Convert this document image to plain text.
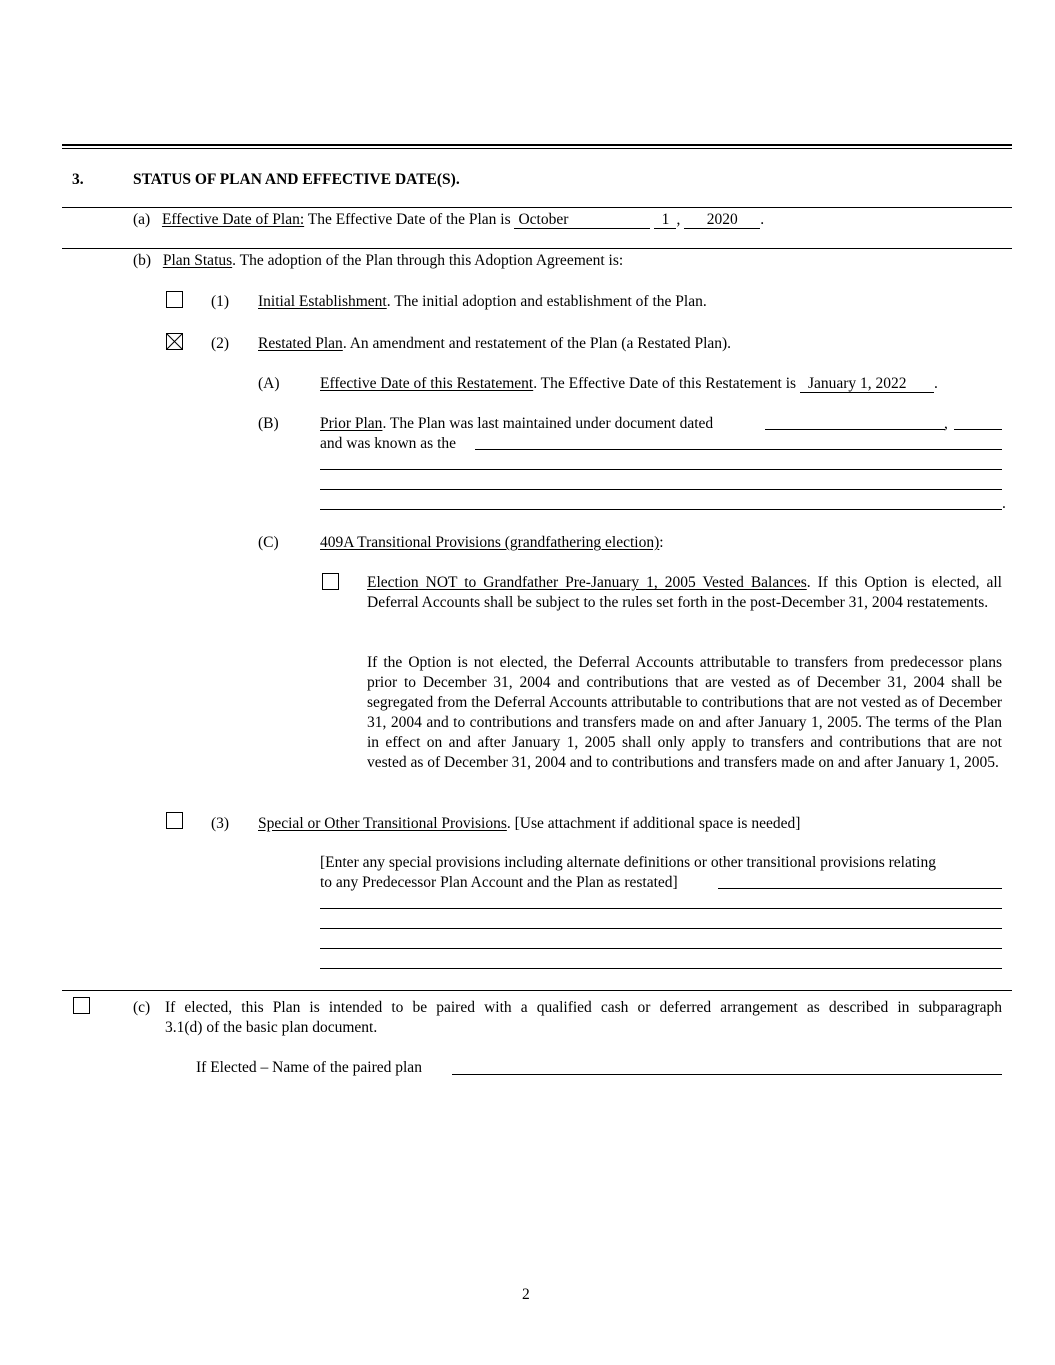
3.	STATUS OF PLAN AND EFFECTIVE DATE(S).
(a) Effective Date of Plan: The Effective Date of the Plan is October	1 , 2020 .
(b) Plan Status. The adoption of the Plan through this Adoption Agreement is:
(1) Initial Establishment. The initial adoption and establishment of the Plan.
(2) Restated Plan. An amendment and restatement of the Plan (a Restated Plan).
(A)	Effective Date of this Restatement. The Effective Date of this Restatement is January 1, 2022 .
(B)	Prior Plan. The Plan was last maintained under document dated	,
and was known as the
.
(C)	409A Transitional Provisions (grandfathering election):
Election NOT to Grandfather Pre-January 1, 2005 Vested Balances. If this Option is elected, all Deferral Accounts shall be subject to the rules set forth in the post-December 31, 2004 restatements.
If the Option is not elected, the Deferral Accounts attributable to transfers from predecessor plans prior to December 31, 2004 and contributions that are vested as of December 31, 2004 shall be segregated from the Deferral Accounts attributable to contributions that are not vested as of December 31, 2004 and to contributions and transfers made on and after January 1, 2005. The terms of the Plan in effect on and after January 1, 2005 shall only apply to transfers and contributions that are not vested as of December 31, 2004 and to contributions and transfers made on and after January 1, 2005.
(3) Special or Other Transitional Provisions. [Use attachment if additional space is needed]
[Enter any special provisions including alternate definitions or other transitional provisions relating
to any Predecessor Plan Account and the Plan as restated]
(c) If elected, this Plan is intended to be paired with a qualified cash or deferred arrangement as described in subparagraph
3.1(d) of the basic plan document.
If Elected – Name of the paired plan
2
